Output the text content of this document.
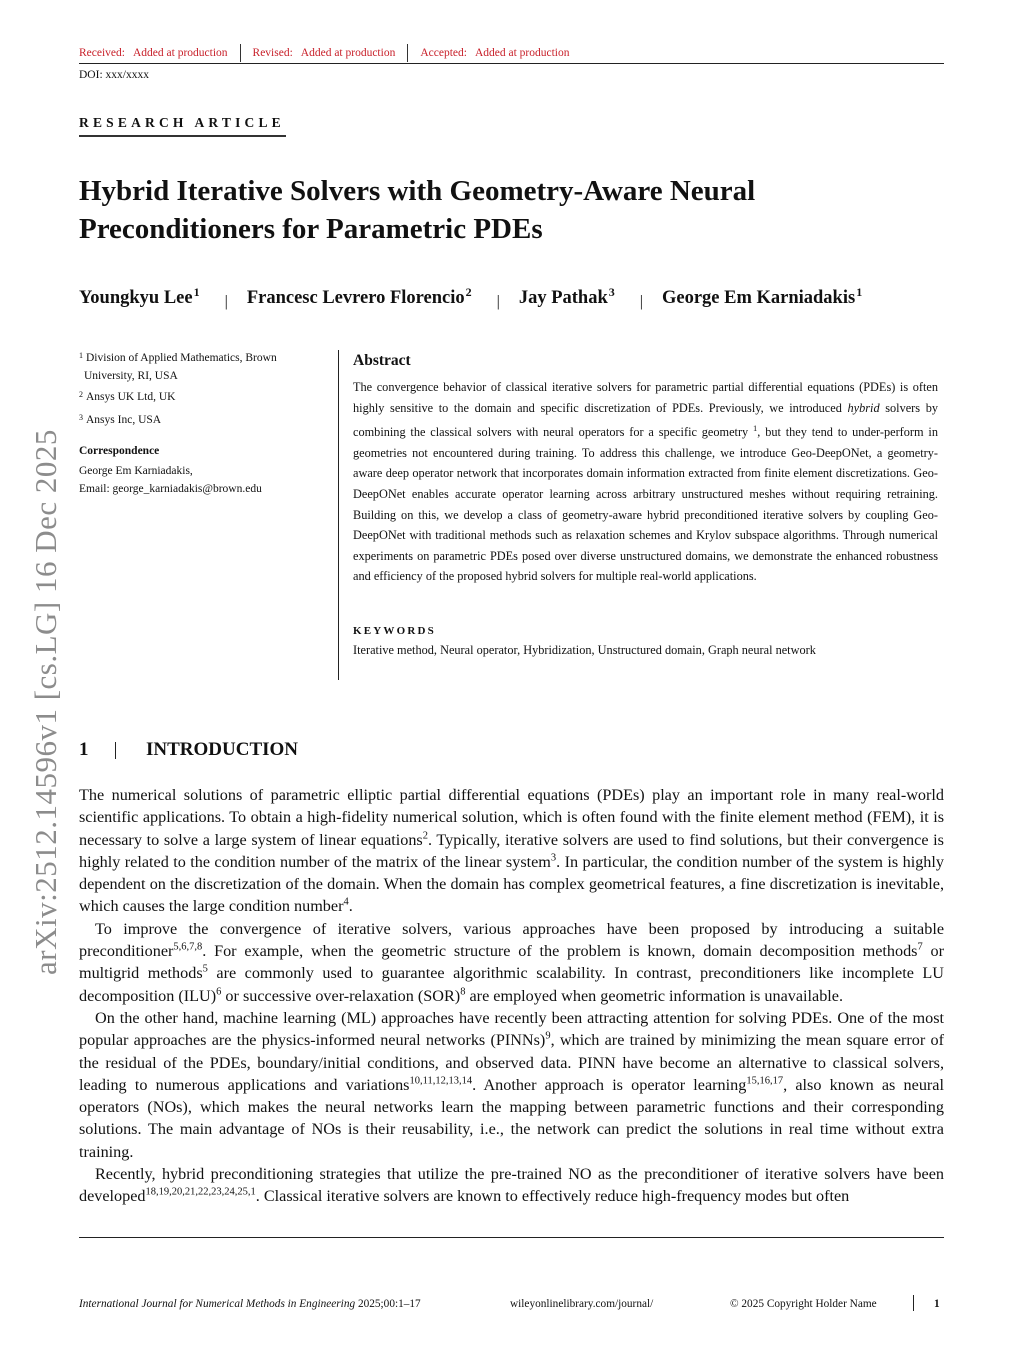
Received: Added at production Revised: Added at production Accepted: Added at production
DOI: xxx/xxxx
RESEARCH ARTICLE
Hybrid Iterative Solvers with Geometry-Aware Neural
Preconditioners for Parametric PDEs
Youngkyu Lee$^1$
| Francesc Levrero Florencio$^2$
| Jay Pathak$^3$
| George Em Karniadakis$^1$
arXiv:2512.14596v1 [cs.LG] 16 Dec 2025
$^1$ Division of Applied Mathematics, Brown
University, RI, USA
$^2$ Ansys UK Ltd, UK
$^3$ Ansys Inc, USA
Correspondence
George Em Karniadakis,
Email: george_karniadakis@brown.edu
Abstract
The convergence behavior of classical iterative solvers for parametric partial differential equations (PDEs) is often highly sensitive to the domain and specific discretization of PDEs. Previously, we introduced hybrid solvers by combining the classical solvers with neural operators for a specific geometry $^1$, but they tend to under-perform in geometries not encountered during training. To address this challenge, we introduce Geo-DeepONet, a geometry-aware deep operator network that incorporates domain information extracted from finite element discretizations. Geo-DeepONet enables accurate operator learning across arbitrary unstructured meshes without requiring retraining. Building on this, we develop a class of geometry-aware hybrid preconditioned iterative solvers by coupling Geo-DeepONet with traditional methods such as relaxation schemes and Krylov subspace algorithms. Through numerical experiments on parametric PDEs posed over diverse unstructured domains, we demonstrate the enhanced robustness and efficiency of the proposed hybrid solvers for multiple real-world applications.
KEYWORDS
Iterative method, Neural operator, Hybridization, Unstructured domain, Graph neural network
1	INTRODUCTION

The numerical solutions of parametric elliptic partial differential equations (PDEs) play an important role in many real-world scientific applications. To obtain a high-fidelity numerical solution, which is often found with the finite element method (FEM), it is necessary to solve a large system of linear equations$^2$. Typically, iterative solvers are used to find solutions, but their convergence is highly related to the condition number of the matrix of the linear system$^3$. In particular, the condition number of the system is highly dependent on the discretization of the domain. When the domain has complex geometrical features, a fine discretization is inevitable, which causes the large condition number$^4$.

To improve the convergence of iterative solvers, various approaches have been proposed by introducing a suitable preconditioner$^{5,6,7,8}$. For example, when the geometric structure of the problem is known, domain decomposition methods$^7$ or multigrid methods$^5$ are commonly used to guarantee algorithmic scalability. In contrast, preconditioners like incomplete LU decomposition (ILU)$^6$ or successive over-relaxation (SOR)$^8$ are employed when geometric information is unavailable.

On the other hand, machine learning (ML) approaches have recently been attracting attention for solving PDEs. One of the most popular approaches are the physics-informed neural networks (PINNs)$^9$, which are trained by minimizing the mean square error of the residual of the PDEs, boundary/initial conditions, and observed data. PINN have become an alternative to classical solvers, leading to numerous applications and variations$^{10,11,12,13,14}$. Another approach is operator learning$^{15,16,17}$, also known as neural operators (NOs), which makes the neural networks learn the mapping between parametric functions and their corresponding solutions. The main advantage of NOs is their reusability, i.e., the network can predict the solutions in real time without extra training.

Recently, hybrid preconditioning strategies that utilize the pre-trained NO as the preconditioner of iterative solvers have been developed$^{18,19,20,21,22,23,24,25,1}$. Classical iterative solvers are known to effectively reduce high-frequency modes but often

International Journal for Numerical Methods in Engineering 2025;00:1–17	wileyonlinelibrary.com/journal/	© 2025 Copyright Holder Name	1
